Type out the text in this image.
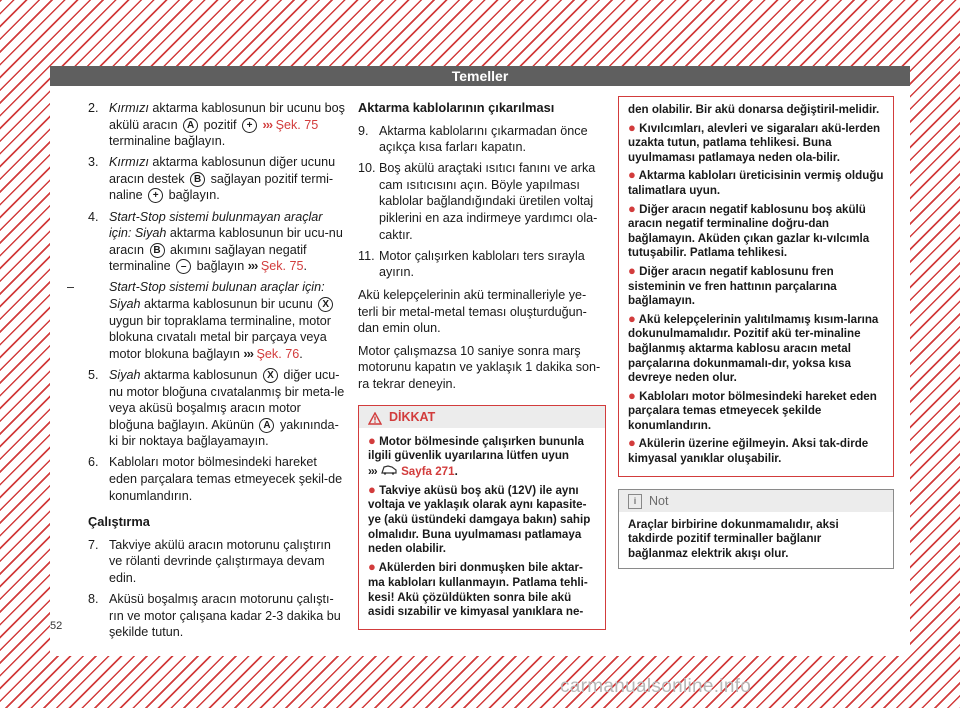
Temeller
2. Kırmızı aktarma kablosunun bir ucunu boş akülü aracın A pozitif + ››› Şek. 75 terminaline bağlayın.
3. Kırmızı aktarma kablosunun diğer ucunu aracın destek B sağlayan pozitif termi-naline + bağlayın.
4. Start-Stop sistemi bulunmayan araçlar için: Siyah aktarma kablosunun bir ucu-nu aracın B akımını sağlayan negatif terminaline – bağlayın ››› Şek. 75.
–	Start-Stop sistemi bulunan araçlar için: Siyah aktarma kablosunun bir ucunu X uygun bir topraklama terminaline, motor blokuna cıvatalı metal bir parçaya veya motor blokuna bağlayın ››› Şek. 76.
5. Siyah aktarma kablosunun X diğer ucu-nu motor bloğuna cıvatalanmış bir meta-le veya aküsü boşalmış aracın motor bloğuna bağlayın. Akünün A yakınında-ki bir noktaya bağlayamayın.
6. Kabloları motor bölmesindeki hareket eden parçalara temas etmeyecek şekil-de konumlandırın.
Çalıştırma
7. Takviye akülü aracın motorunu çalıştırın ve rölanti devrinde çalıştırmaya devam edin.
8. Aküsü boşalmış aracın motorunu çalıştı-rın ve motor çalışana kadar 2-3 dakika bu şekilde tutun.
Aktarma kablolarının çıkarılması
9. Aktarma kablolarını çıkarmadan önce açıkça kısa farları kapatın.
10. Boş akülü araçtaki ısıtıcı fanını ve arka cam ısıtıcısını açın. Böyle yapılması kablolar bağlandığındaki üretilen voltaj piklerini en aza indirmeye yardımcı ola-caktır.
11. Motor çalışırken kabloları ters sırayla ayırın.
Akü kelepçelerinin akü terminalleriyle ye-terli bir metal-metal teması oluşturduğun-dan emin olun.
Motor çalışmazsa 10 saniye sonra marş motorunu kapatın ve yaklaşık 1 dakika son-ra tekrar deneyin.
DİKKAT
● Motor bölmesinde çalışırken bununla ilgili güvenlik uyarılarına lütfen uyun
››› Sayfa 271.
● Takviye aküsü boş akü (12V) ile aynı voltaja ve yaklaşık olarak aynı kapasite-ye (akü üstündeki damgaya bakın) sahip olmalıdır. Buna uyulmaması patlamaya neden olabilir.
● Akülerden biri donmuşken bile aktar-ma kabloları kullanmayın. Patlama tehli-kesi! Akü çözüldükten sonra bile akü asidi sızabilir ve kimyasal yanıklara ne-
den olabilir. Bir akü donarsa değiştiril-melidir.
● Kıvılcımları, alevleri ve sigaraları akü-lerden uzakta tutun, patlama tehlikesi. Buna uyulmaması patlamaya neden ola-bilir.
● Aktarma kabloları üreticisinin vermiş olduğu talimatlara uyun.
● Diğer aracın negatif kablosunu boş akülü aracın negatif terminaline doğru-dan bağlamayın. Aküden çıkan gazlar kı-vılcımla tutuşabilir. Patlama tehlikesi.
● Diğer aracın negatif kablosunu fren sisteminin ve fren hattının parçalarına bağlamayın.
● Akü kelepçelerinin yalıtılmamış kısım-larına dokunulmamalıdır. Pozitif akü ter-minaline bağlanmış aktarma kablosu aracın metal parçalarına dokunmamalı-dır, yoksa kısa devreye neden olur.
● Kabloları motor bölmesindeki hareket eden parçalara temas etmeyecek şekilde konumlandırın.
● Akülerin üzerine eğilmeyin. Aksi tak-dirde kimyasal yanıklar oluşabilir.
i	Not
Araçlar birbirine dokunmamalıdır, aksi takdirde pozitif terminaller bağlanır bağlanmaz elektrik akışı olur.
52
carmanualsonline.info
